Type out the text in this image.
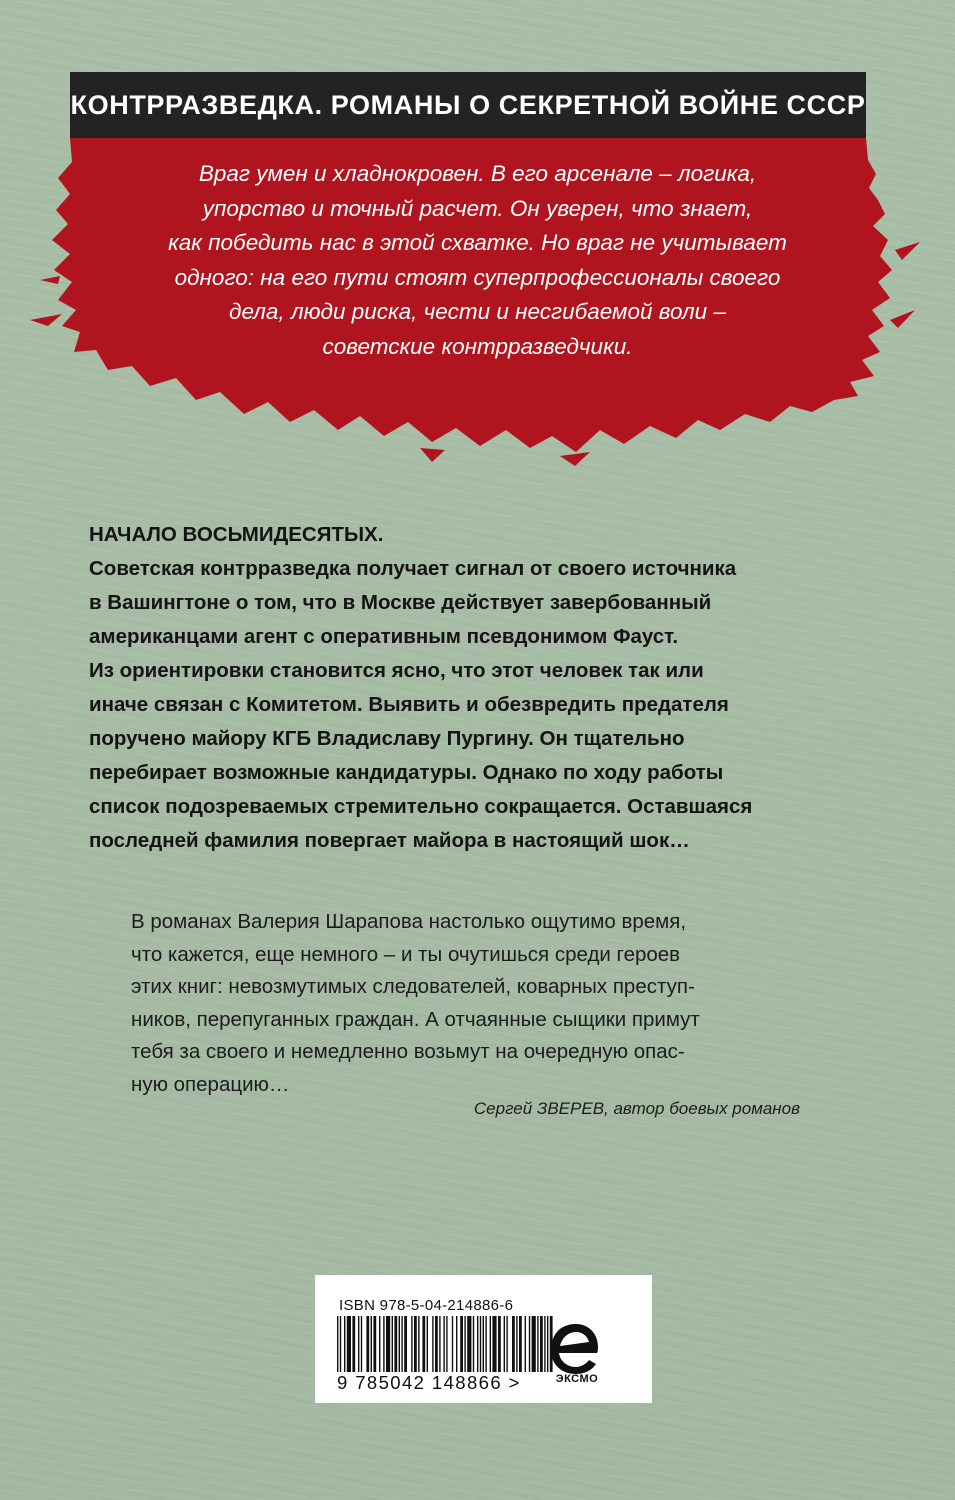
КОНТРРАЗВЕДКА. РОМАНЫ О СЕКРЕТНОЙ ВОЙНЕ СССР

Враг умен и хладнокровен. В его арсенале – логика,
упорство и точный расчет. Он уверен, что знает,
как победить нас в этой схватке. Но враг не учитывает
одного: на его пути стоят суперпрофессионалы своего
дела, люди риска, чести и несгибаемой воли –
советские контрразведчики.

НАЧАЛО ВОСЬМИДЕСЯТЫХ.
Советская контрразведка получает сигнал от своего источника
в Вашингтоне о том, что в Москве действует завербованный
американцами агент с оперативным псевдонимом Фауст.
Из ориентировки становится ясно, что этот человек так или
иначе связан с Комитетом. Выявить и обезвредить предателя
поручено майору КГБ Владиславу Пургину. Он тщательно
перебирает возможные кандидатуры. Однако по ходу работы
список подозреваемых стремительно сокращается. Оставшаяся
последней фамилия повергает майора в настоящий шок…

В романах Валерия Шарапова настолько ощутимо время,
что кажется, еще немного – и ты очутишься среди героев
этих книг: невозмутимых следователей, коварных преступ-
ников, перепуганных граждан. А отчаянные сыщики примут
тебя за своего и немедленно возьмут на очередную опас-
ную операцию…

Сергей ЗВЕРЕВ, автор боевых романов

ISBN 978-5-04-214886-6
9 785042 148866 >	ЭКСМО
